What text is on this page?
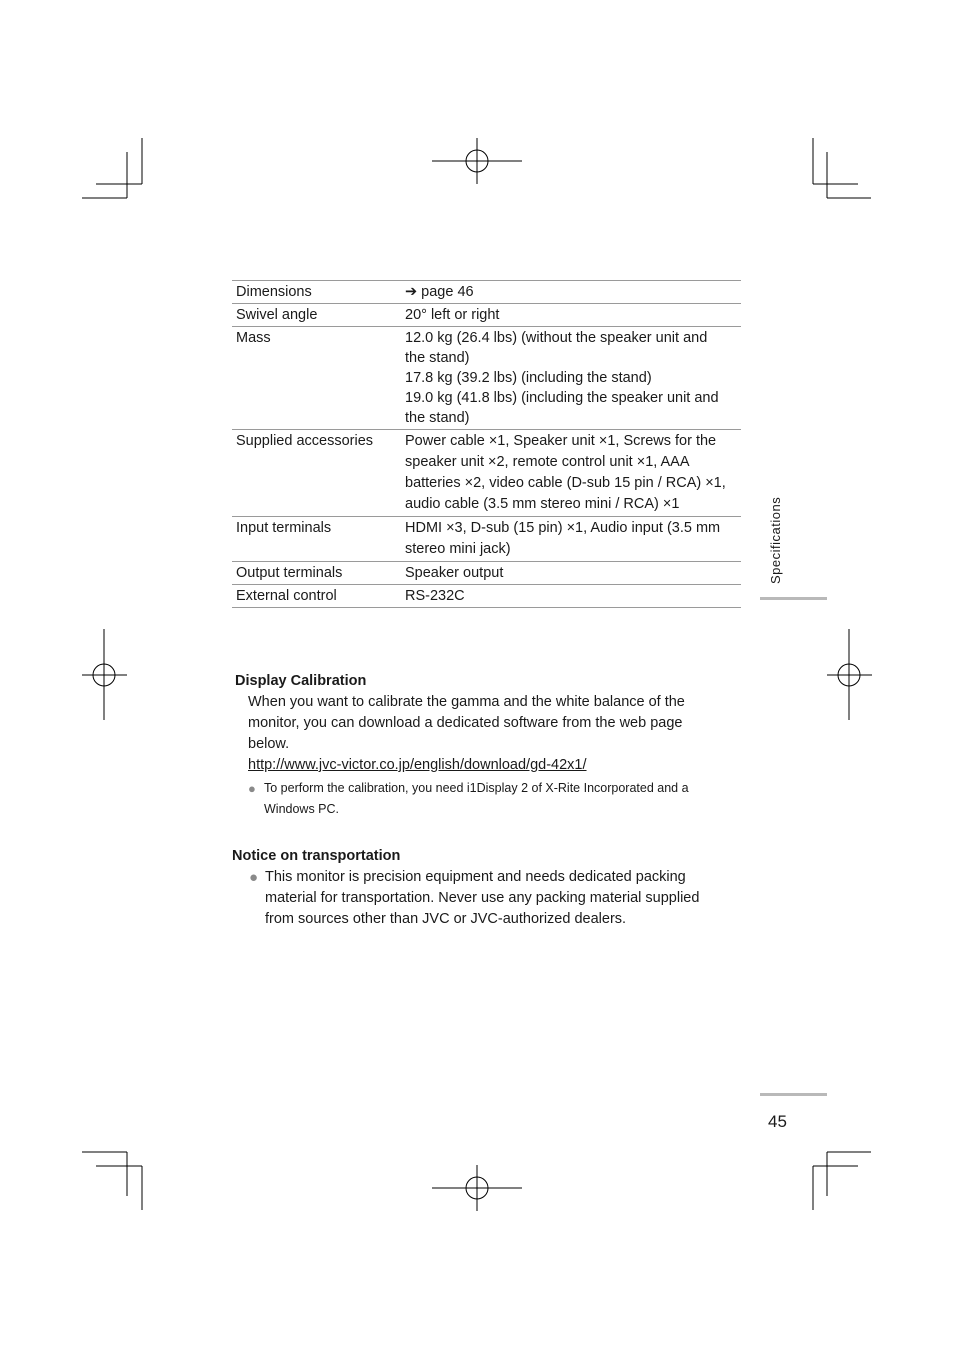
Dimensions	➔ page 46

Swivel angle	20° left or right

Mass	12.0 kg (26.4 lbs) (without the speaker unit and
the stand)
17.8 kg (39.2 lbs) (including the stand)
19.0 kg (41.8 lbs) (including the speaker unit and
the stand)

Supplied accessories	Power cable ×1, Speaker unit ×1, Screws for the
speaker unit ×2, remote control unit ×1, AAA
batteries ×2, video cable (D-sub 15 pin / RCA) ×1,
audio cable (3.5 mm stereo mini / RCA) ×1

Input terminals	HDMI ×3, D-sub (15 pin) ×1, Audio input (3.5 mm
stereo mini jack)

Output terminals	Speaker output

External control	RS-232C
Specifications
Display Calibration
When you want to calibrate the gamma and the white balance of the
monitor, you can download a dedicated software from the web page
below.
http://www.jvc-victor.co.jp/english/download/gd-42x1/
● To perform the calibration, you need i1Display 2 of X-Rite Incorporated and a
Windows PC.
Notice on transportation
● This monitor is precision equipment and needs dedicated packing
material for transportation. Never use any packing material supplied
from sources other than JVC or JVC-authorized dealers.
45
